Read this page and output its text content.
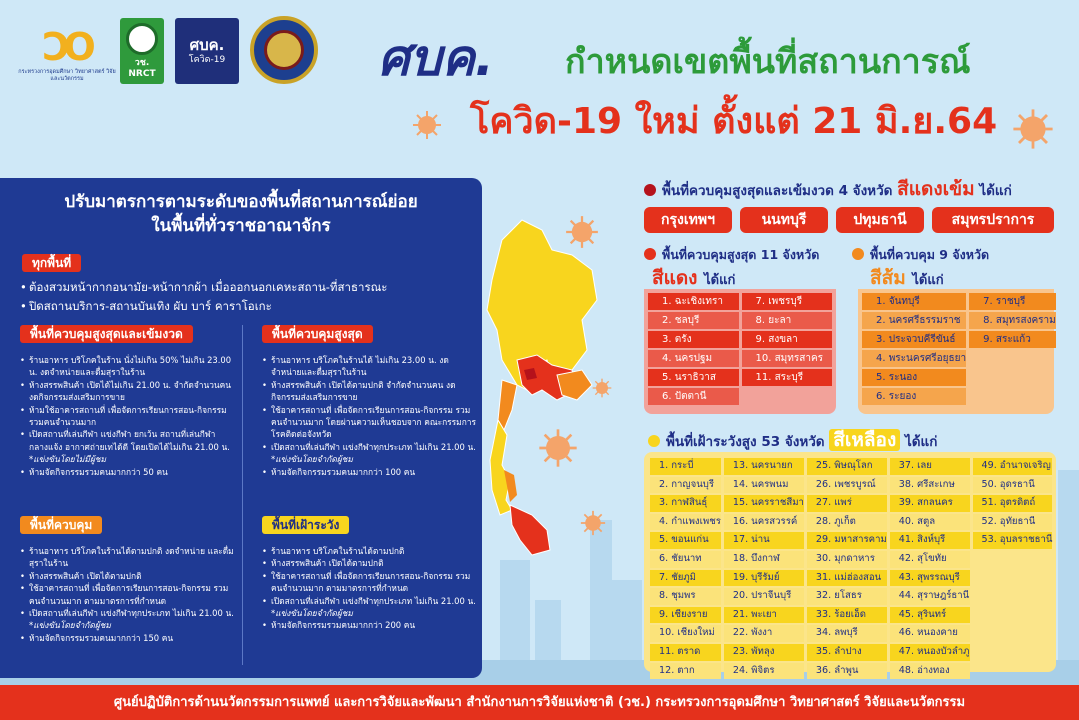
ϽO
กระทรวงการอุดมศึกษา วิทยาศาสตร์ วิจัยและนวัตกรรม
วช. NRCT
ศบค.
โควิด-19	ศบค. กำหนดเขตพื้นที่สถานการณ์
โควิด-19 ใหม่ ตั้งแต่ 21 มิ.ย.64
ปรับมาตรการตามระดับของพื้นที่สถานการณ์ย่อย
ในพื้นที่ทั่วราชอาณาจักร
ทุกพื้นที่
• ต้องสวมหน้ากากอนามัย-หน้ากากผ้า เมื่อออกนอกเคหะสถาน-ที่สาธารณะ
• ปิดสถานบริการ-สถานบันเทิง ผับ บาร์ คาราโอเกะ
พื้นที่ควบคุมสูงสุดและเข้มงวด
• ร้านอาหาร บริโภคในร้าน นั่งไม่เกิน 50% ไม่เกิน 23.00 น. งดจำหน่ายและดื่มสุราในร้าน
• ห้างสรรพสินค้า เปิดได้ไม่เกิน 21.00 น. จำกัดจำนวนคน งดกิจกรรมส่งเสริมการขาย
• ห้ามใช้อาคารสถานที่ เพื่อจัดการเรียนการสอน-กิจกรรม รวมคนจำนวนมาก
• เปิดสถานที่เล่นกีฬา แข่งกีฬา ยกเว้น สถานที่เล่นกีฬา กลางแจ้ง อากาศถ่ายเทได้ดี โดยเปิดได้ไม่เกิน 21.00 น. *แข่งขันโดยไม่มีผู้ชม
• ห้ามจัดกิจกรรมรวมคนมากกว่า 50 คน
พื้นที่ควบคุมสูงสุด
• ร้านอาหาร บริโภคในร้านได้ ไม่เกิน 23.00 น. งดจำหน่ายและดื่มสุราในร้าน
• ห้างสรรพสินค้า เปิดได้ตามปกติ จำกัดจำนวนคน งดกิจกรรมส่งเสริมการขาย
• ใช้อาคารสถานที่ เพื่อจัดการเรียนการสอน-กิจกรรม รวมคนจำนวนมาก โดยผ่านความเห็นชอบจาก คณะกรรมการโรคติดต่อจังหวัด
• เปิดสถานที่เล่นกีฬา แข่งกีฬาทุกประเภท ไม่เกิน 21.00 น. *แข่งขันโดยจำกัดผู้ชม
• ห้ามจัดกิจกรรมรวมคนมากกว่า 100 คน
พื้นที่ควบคุม
• ร้านอาหาร บริโภคในร้านได้ตามปกติ งดจำหน่าย และดื่มสุราในร้าน
• ห้างสรรพสินค้า เปิดได้ตามปกติ
• ใช้อาคารสถานที่ เพื่อจัดการเรียนการสอน-กิจกรรม รวมคนจำนวนมาก ตามมาตรการที่กำหนด
• เปิดสถานที่เล่นกีฬา แข่งกีฬาทุกประเภท ไม่เกิน 21.00 น. *แข่งขันโดยจำกัดผู้ชม
• ห้ามจัดกิจกรรมรวมคนมากกว่า 150 คน
พื้นที่เฝ้าระวัง
• ร้านอาหาร บริโภคในร้านได้ตามปกติ
• ห้างสรรพสินค้า เปิดได้ตามปกติ
• ใช้อาคารสถานที่ เพื่อจัดการเรียนการสอน-กิจกรรม รวมคนจำนวนมาก ตามมาตรการที่กำหนด
• เปิดสถานที่เล่นกีฬา แข่งกีฬาทุกประเภท ไม่เกิน 21.00 น. *แข่งขันโดยจำกัดผู้ชม
• ห้ามจัดกิจกรรมรวมคนมากกว่า 200 คน
พื้นที่ควบคุมสูงสุดและเข้มงวด 4 จังหวัด สีแดงเข้ม ได้แก่
กรุงเทพฯ	นนทบุรี	ปทุมธานี	สมุทรปราการ
พื้นที่ควบคุมสูงสุด 11 จังหวัด
สีแดง ได้แก่
1. ฉะเชิงเทรา	7. เพชรบุรี
2. ชลบุรี	8. ยะลา
3. ตรัง	9. สงขลา
4. นครปฐม	10. สมุทรสาคร
5. นราธิวาส	11. สระบุรี
6. ปัตตานี
พื้นที่ควบคุม 9 จังหวัด
สีส้ม ได้แก่
1. จันทบุรี	7. ราชบุรี
2. นครศรีธรรมราช	8. สมุทรสงคราม
3. ประจวบคีรีขันธ์	9. สระแก้ว
4. พระนครศรีอยุธยา
5. ระนอง
6. ระยอง
พื้นที่เฝ้าระวังสูง 53 จังหวัด สีเหลือง ได้แก่
1. กระบี่	13. นครนายก	25. พิษณุโลก	37. เลย	49. อำนาจเจริญ
2. กาญจนบุรี	14. นครพนม	26. เพชรบูรณ์	38. ศรีสะเกษ	50. อุดรธานี
3. กาฬสินธุ์	15. นครราชสีมา	27. แพร่	39. สกลนคร	51. อุตรดิตถ์
4. กำแพงเพชร	16. นครสวรรค์	28. ภูเก็ต	40. สตูล	52. อุทัยธานี
5. ขอนแก่น	17. น่าน	29. มหาสารคาม	41. สิงห์บุรี	53. อุบลราชธานี
6. ชัยนาท	18. บึงกาฬ	30. มุกดาหาร	42. สุโขทัย
7. ชัยภูมิ	19. บุรีรัมย์	31. แม่ฮ่องสอน	43. สุพรรณบุรี
8. ชุมพร	20. ปราจีนบุรี	32. ยโสธร	44. สุราษฎร์ธานี
9. เชียงราย	21. พะเยา	33. ร้อยเอ็ด	45. สุรินทร์
10. เชียงใหม่	22. พังงา	34. ลพบุรี	46. หนองคาย
11. ตราด	23. พัทลุง	35. ลำปาง	47. หนองบัวลำภู
12. ตาก	24. พิจิตร	36. ลำพูน	48. อ่างทอง
ศูนย์ปฏิบัติการด้านนวัตกรรมการแพทย์ และการวิจัยและพัฒนา สำนักงานการวิจัยแห่งชาติ (วช.) กระทรวงการอุดมศึกษา วิทยาศาสตร์ วิจัยและนวัตกรรม
